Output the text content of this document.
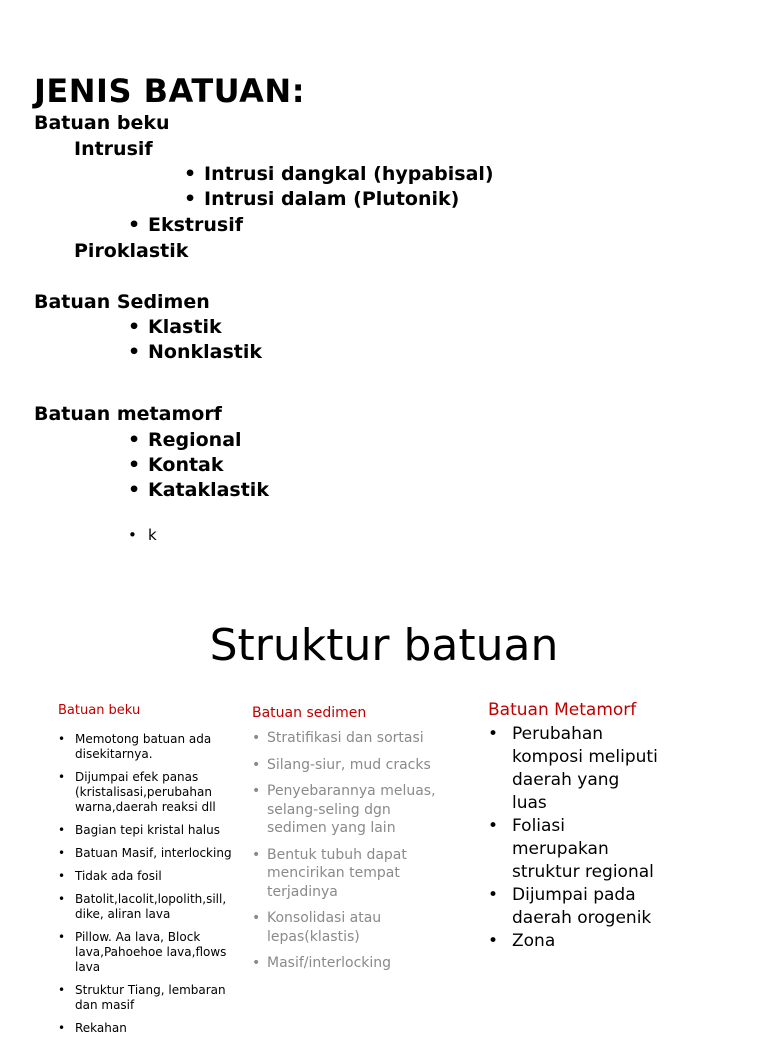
JENIS BATUAN:
Batuan beku
Intrusif
• Intrusi dangkal (hypabisal)
• Intrusi dalam (Plutonik)
• Ekstrusif
Piroklastik
Batuan Sedimen
• Klastik
• Nonklastik
Batuan metamorf
• Regional
• Kontak
• Kataklastik
• k
Struktur batuan
Batuan beku
• Memotong batuan ada disekitarnya.
• Dijumpai efek panas (kristalisasi,perubahan warna,daerah reaksi dll
• Bagian tepi kristal halus
• Batuan Masif, interlocking
• Tidak ada fosil
• Batolit,lacolit,lopolith,sill, dike, aliran lava
• Pillow. Aa lava, Block lava,Pahoehoe lava,flows lava
• Struktur Tiang, lembaran dan masif
• Rekahan
Batuan sedimen
• Stratifikasi dan sortasi
• Silang-siur, mud cracks
• Penyebarannya meluas, selang-seling dgn sedimen yang lain
• Bentuk tubuh dapat mencirikan tempat terjadinya
• Konsolidasi atau lepas(klastis)
• Masif/interlocking
Batuan Metamorf
• Perubahan komposi meliputi daerah yang luas
• Foliasi merupakan struktur regional
• Dijumpai pada daerah orogenik
• Zona
